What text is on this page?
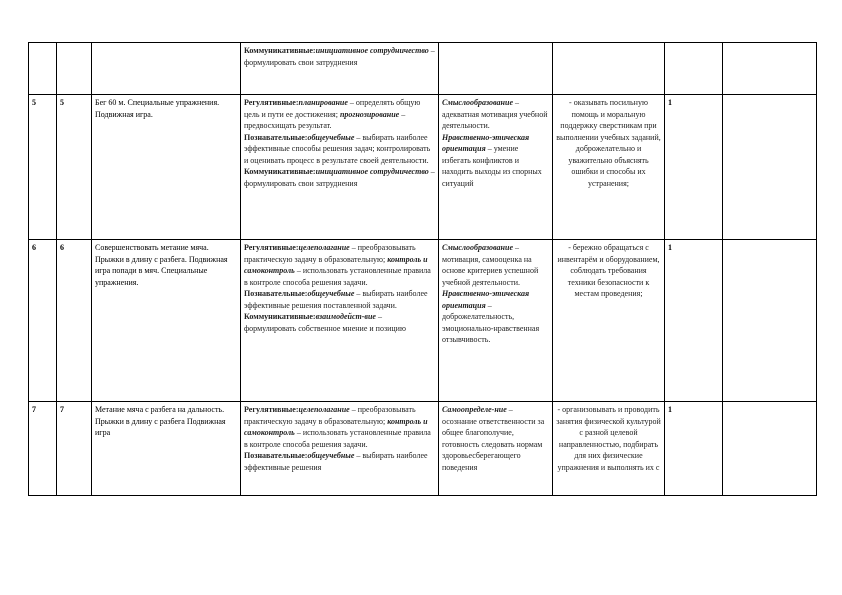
			Коммуникативные:инициативное сотрудничество – формулировать свои затруднения		

5	5	Бег 60 м. Специальные упражнения. Подвижная игра.	Регулятивные:планирование – определять общую цель и пути ее достижения; прогнозирование – предвосхищать результат.
Познавательные:общеучебные – выбирать наиболее эффективные способы решения задач; контролировать и оценивать процесс в результате своей деятельности.
Коммуникативные:инициативное сотрудничество – формулировать свои затруднения	Смыслообразование – адекватная мотивация учебной деятельности.
Нравственно-этическая ориентация – умение избегать конфликтов и находить выходы из спорных ситуаций	- оказывать посильную помощь и моральную поддержку сверстникам при выполнении учебных заданий, доброжелательно и уважительно объяснять ошибки и способы их устранения;	1	
6	6	Совершенствовать метание мяча. Прыжки в длину с разбега. Подвижная игра попади в мяч. Специальные упражнения.	Регулятивные:целеполагание – преобразовывать практическую задачу в образовательную; контроль и самоконтроль – использовать установленные правила в контроле способа решения задачи.
Познавательные:общеучебные – выбирать наиболее эффективные решения поставленной задачи.
Коммуникативные:взаимодейст-вие – формулировать собственное мнение и позицию	Смыслообразование – мотивация, самооценка на основе критериев успешной учебной деятельности.
Нравственно-этическая ориентация – доброжелательность, эмоционально-нравственная отзывчивость.	- бережно обращаться с инвентарём и оборудованием, соблюдать требования техники безопасности к местам проведения;	1	
7	7	Метание мяча с разбега на дальность. Прыжки в длину с разбега Подвижная игра	Регулятивные:целеполагание – преобразовывать практическую задачу в образовательную; контроль и самоконтроль – использовать установленные правила в контроле способа решения задачи.
Познавательные:общеучебные – выбирать наиболее эффективные решения	Самоопределе-ние – осознание ответственности за общее благополучие, готовность следовать нормам здоровьесберегающего поведения	- организовывать и проводить занятия физической культурой с разной целевой направленностью, подбирать для них физические упражнения и выполнять их с	1	
